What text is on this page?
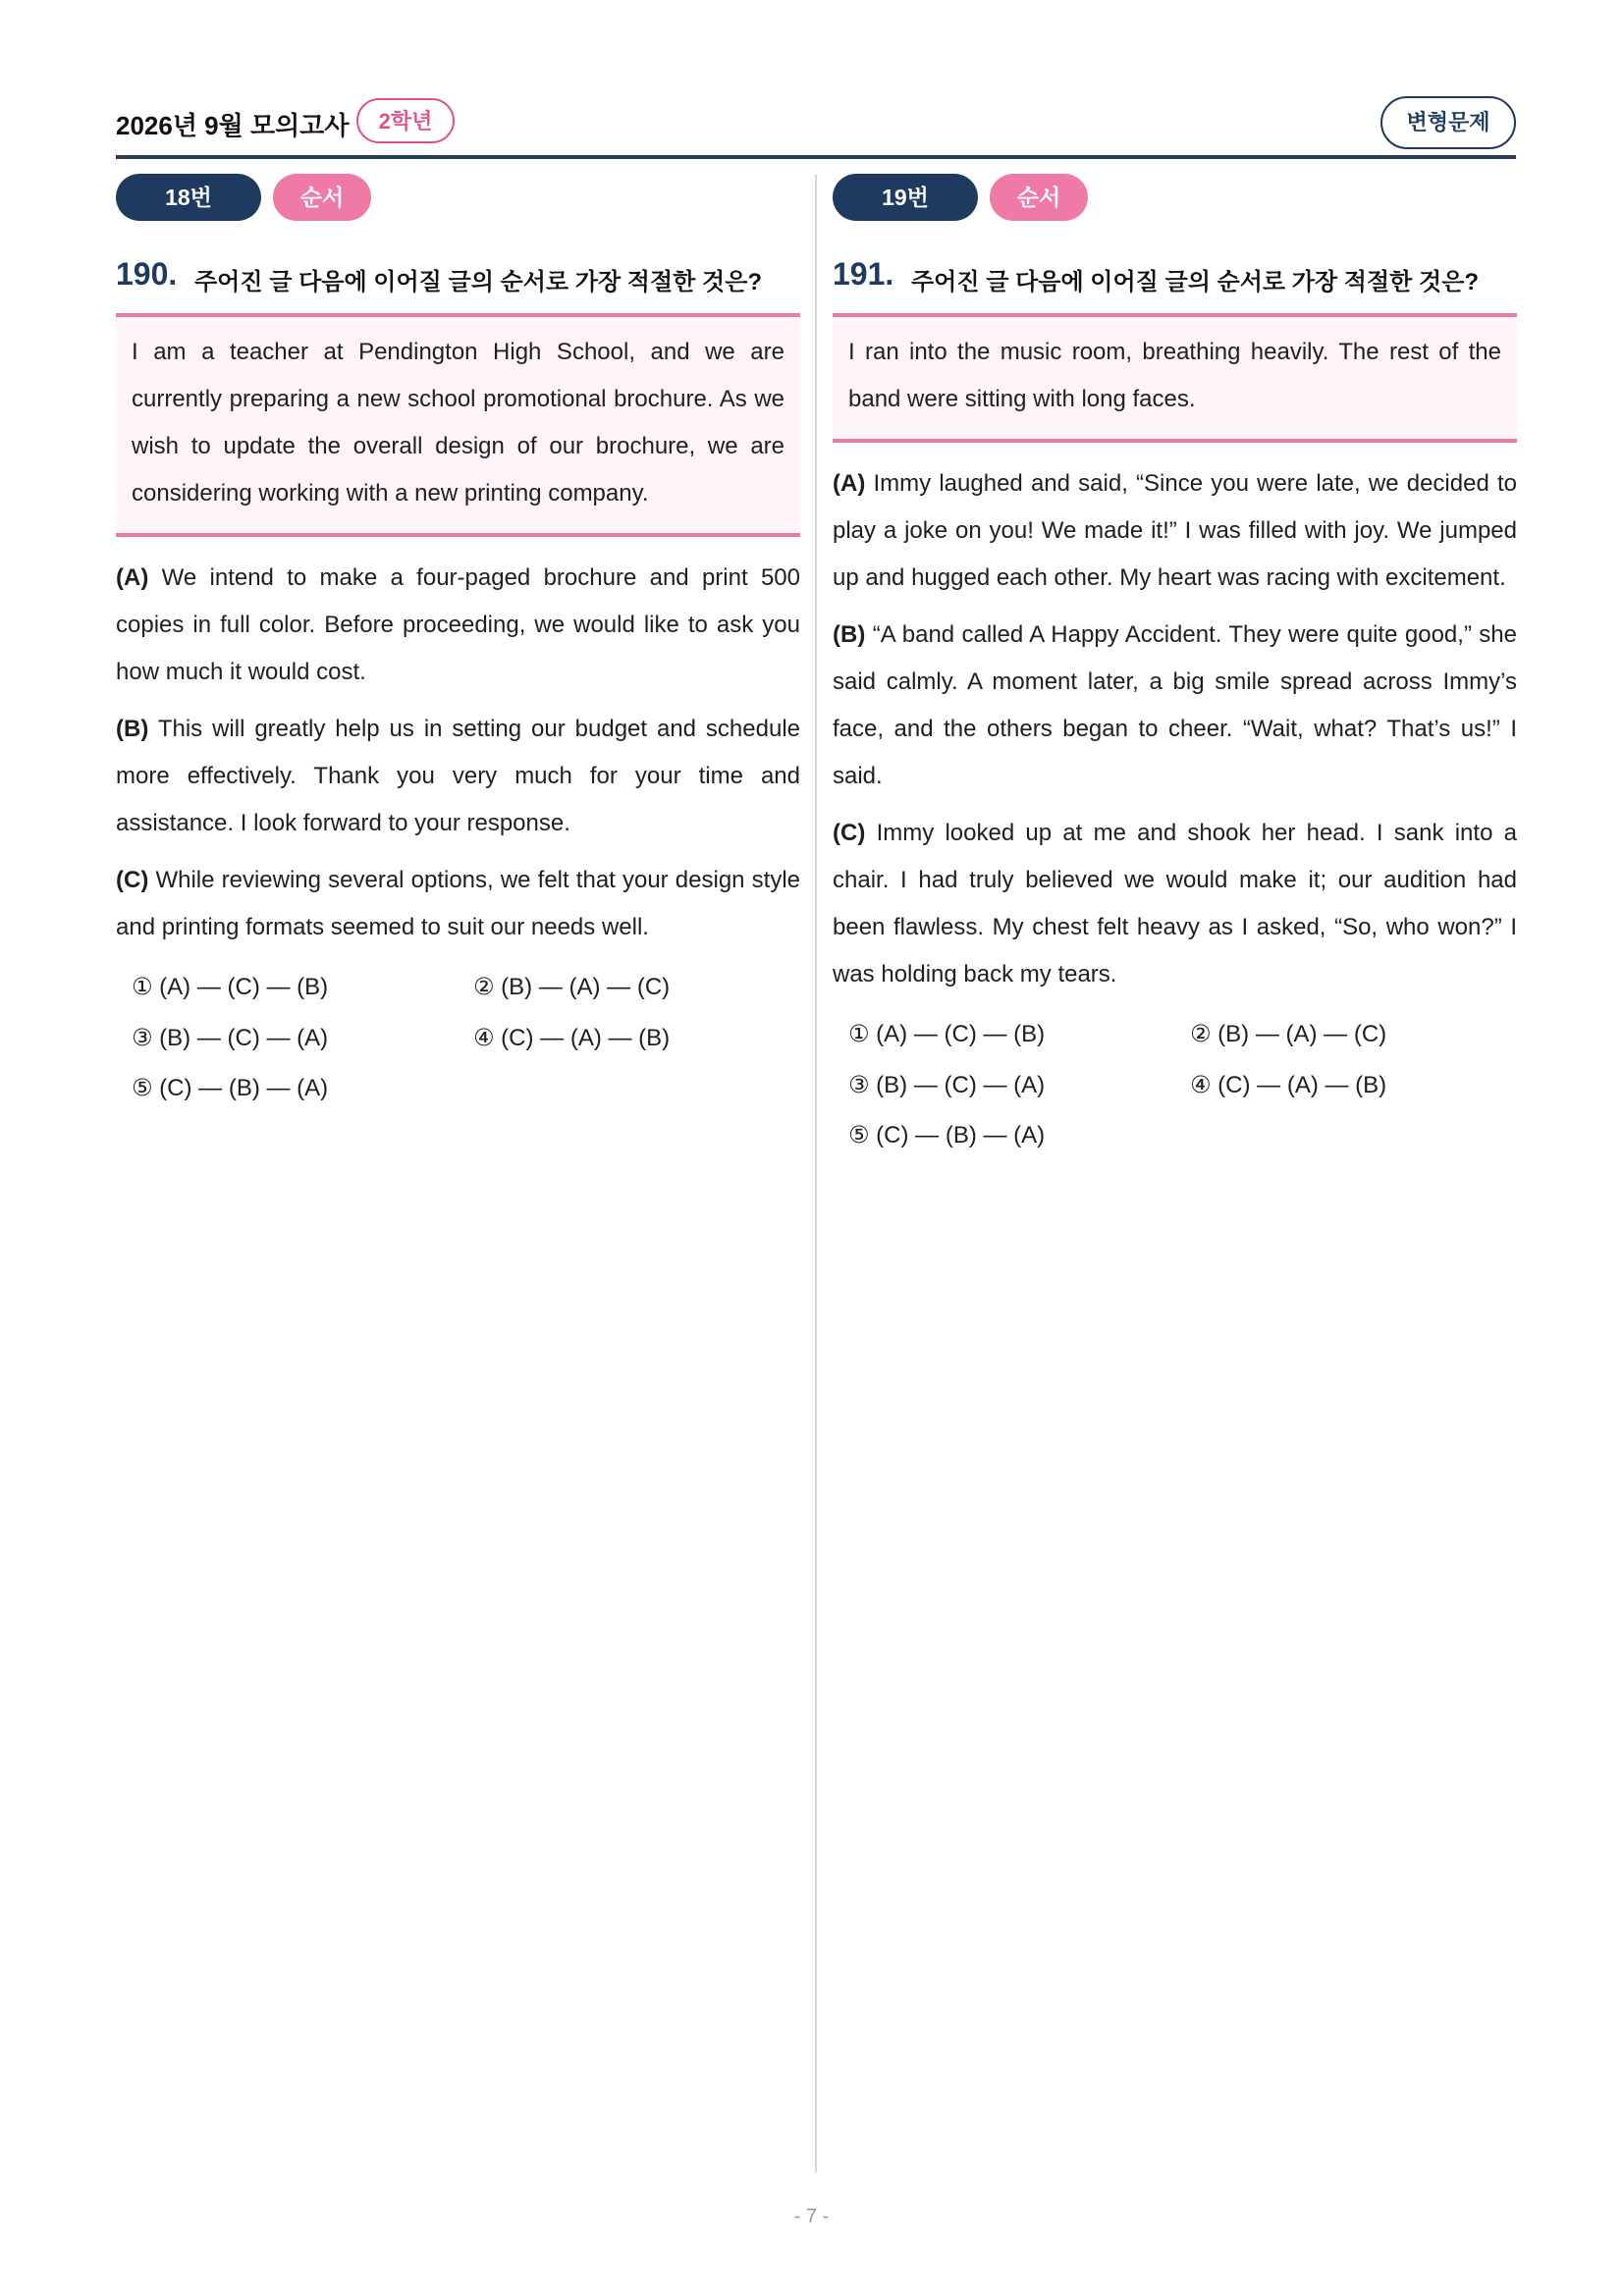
2026년 9월 모의고사	2학년	변형문제
18번	순서
190. 주어진 글 다음에 이어질 글의 순서로 가장 적절한 것은?
I am a teacher at Pendington High School, and we are currently preparing a new school promotional brochure. As we wish to update the overall design of our brochure, we are considering working with a new printing company.
(A) We intend to make a four-paged brochure and print 500 copies in full color. Before proceeding, we would like to ask you how much it would cost.
(B) This will greatly help us in setting our budget and schedule more effectively. Thank you very much for your time and assistance. I look forward to your response.
(C) While reviewing several options, we felt that your design style and printing formats seemed to suit our needs well.
① (A) — (C) — (B)	② (B) — (A) — (C)
③ (B) — (C) — (A)	④ (C) — (A) — (B)
⑤ (C) — (B) — (A)
19번	순서
191. 주어진 글 다음에 이어질 글의 순서로 가장 적절한 것은?
I ran into the music room, breathing heavily. The rest of the band were sitting with long faces.
(A) Immy laughed and said, “Since you were late, we decided to play a joke on you! We made it!” I was filled with joy. We jumped up and hugged each other. My heart was racing with excitement.
(B) “A band called A Happy Accident. They were quite good,” she said calmly. A moment later, a big smile spread across Immy’s face, and the others began to cheer. “Wait, what? That’s us!” I said.
(C) Immy looked up at me and shook her head. I sank into a chair. I had truly believed we would make it; our audition had been flawless. My chest felt heavy as I asked, “So, who won?” I was holding back my tears.
① (A) — (C) — (B)	② (B) — (A) — (C)
③ (B) — (C) — (A)	④ (C) — (A) — (B)
⑤ (C) — (B) — (A)
- 7 -
